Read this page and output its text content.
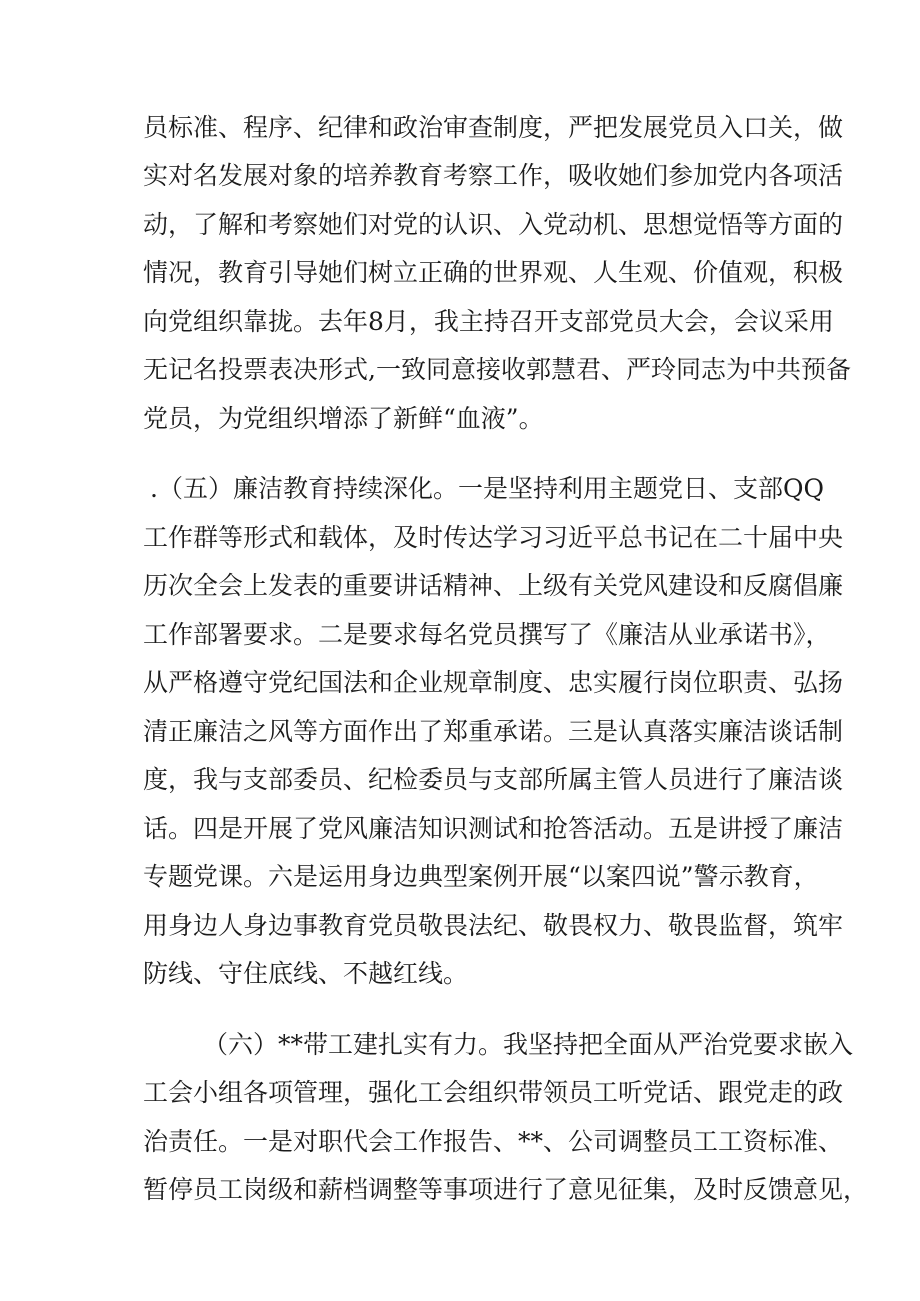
员标准、程序、纪律和政治审查制度，严把发展党员入口关，做
实对名发展对象的培养教育考察工作，吸收她们参加党内各项活
动，了解和考察她们对党的认识、入党动机、思想觉悟等方面的
情况，教育引导她们树立正确的世界观、人生观、价值观，积极
向党组织靠拢。去年8月，我主持召开支部党员大会，会议采用
无记名投票表决形式,一致同意接收郭慧君、严玲同志为中共预备
党员，为党组织增添了新鲜“血液”。
.（五）廉洁教育持续深化。一是坚持利用主题党日、支部QQ
工作群等形式和载体，及时传达学习习近平总书记在二十届中央
历次全会上发表的重要讲话精神、上级有关党风建设和反腐倡廉
工作部署要求。二是要求每名党员撰写了《廉洁从业承诺书》，
从严格遵守党纪国法和企业规章制度、忠实履行岗位职责、弘扬
清正廉洁之风等方面作出了郑重承诺。三是认真落实廉洁谈话制
度，我与支部委员、纪检委员与支部所属主管人员进行了廉洁谈
话。四是开展了党风廉洁知识测试和抢答活动。五是讲授了廉洁
专题党课。六是运用身边典型案例开展“以案四说”警示教育，
用身边人身边事教育党员敬畏法纪、敬畏权力、敬畏监督，筑牢
防线、守住底线、不越红线。
（六）**带工建扎实有力。我坚持把全面从严治党要求嵌入
工会小组各项管理，强化工会组织带领员工听党话、跟党走的政
治责任。一是对职代会工作报告、**、公司调整员工工资标准、
暂停员工岗级和薪档调整等事项进行了意见征集，及时反馈意见，
